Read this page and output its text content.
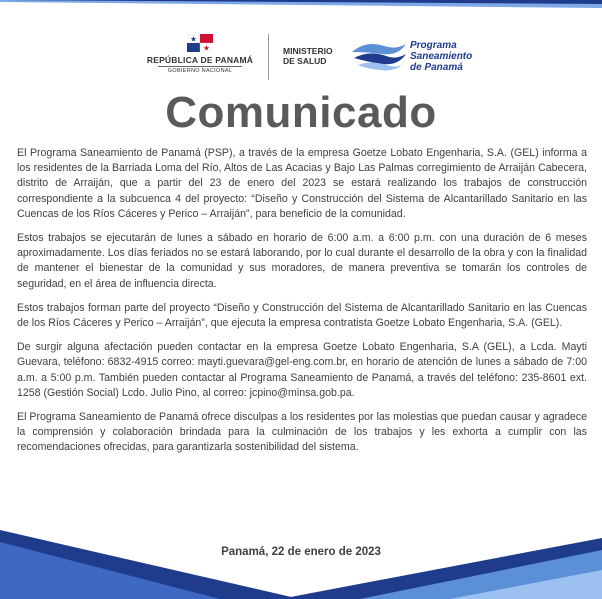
REPÚBLICA DE PANAMÁ
GOBIERNO NACIONAL
MINISTERIO
DE SALUD
Programa
Saneamiento
de Panamá
Comunicado

El Programa Saneamiento de Panamá (PSP), a través de la empresa Goetze Lobato Engenharia, S.A. (GEL) informa a los residentes de la Barriada Loma del Río, Altos de Las Acacias y Bajo Las Palmas corregimiento de Arraiján Cabecera, distrito de Arraiján, que a partir del 23 de enero del 2023 se estará realizando los trabajos de construcción correspondiente a la subcuenca 4 del proyecto: “Diseño y Construcción del Sistema de Alcantarillado Sanitario en las Cuencas de los Ríos Cáceres y Perico – Arraiján”, para beneficio de la comunidad.

Estos trabajos se ejecutarán de lunes a sábado en horario de 6:00 a.m. a 6:00 p.m. con una duración de 6 meses aproximadamente. Los días feriados no se estará laborando, por lo cual durante el desarrollo de la obra y con la finalidad de mantener el bienestar de la comunidad y sus moradores, de manera preventiva se tomarán los controles de seguridad, en el área de influencia directa.

Estos trabajos forman parte del proyecto “Diseño y Construcción del Sistema de Alcantarillado Sanitario en las Cuencas de los Ríos Cáceres y Perico – Arraiján”, que ejecuta la empresa contratista Goetze Lobato Engenharia, S.A. (GEL).

De surgir alguna afectación pueden contactar en la empresa Goetze Lobato Engenharia, S.A (GEL), a Lcda. Mayti Guevara, teléfono: 6832-4915 correo: mayti.guevara@gel-eng.com.br, en horario de atención de lunes a sábado de 7:00 a.m. a 5:00 p.m. También pueden contactar al Programa Saneamiento de Panamá, a través del teléfono: 235-8601 ext. 1258 (Gestión Social) Lcdo. Julio Pino, al correo: jcpino@minsa.gob.pa.

El Programa Saneamiento de Panamá ofrece disculpas a los residentes por las molestias que puedan causar y agradece la comprensión y colaboración brindada para la culminación de los trabajos y les exhorta a cumplir con las recomendaciones ofrecidas, para garantizarla sostenibilidad del sistema.

Panamá, 22 de enero de 2023
